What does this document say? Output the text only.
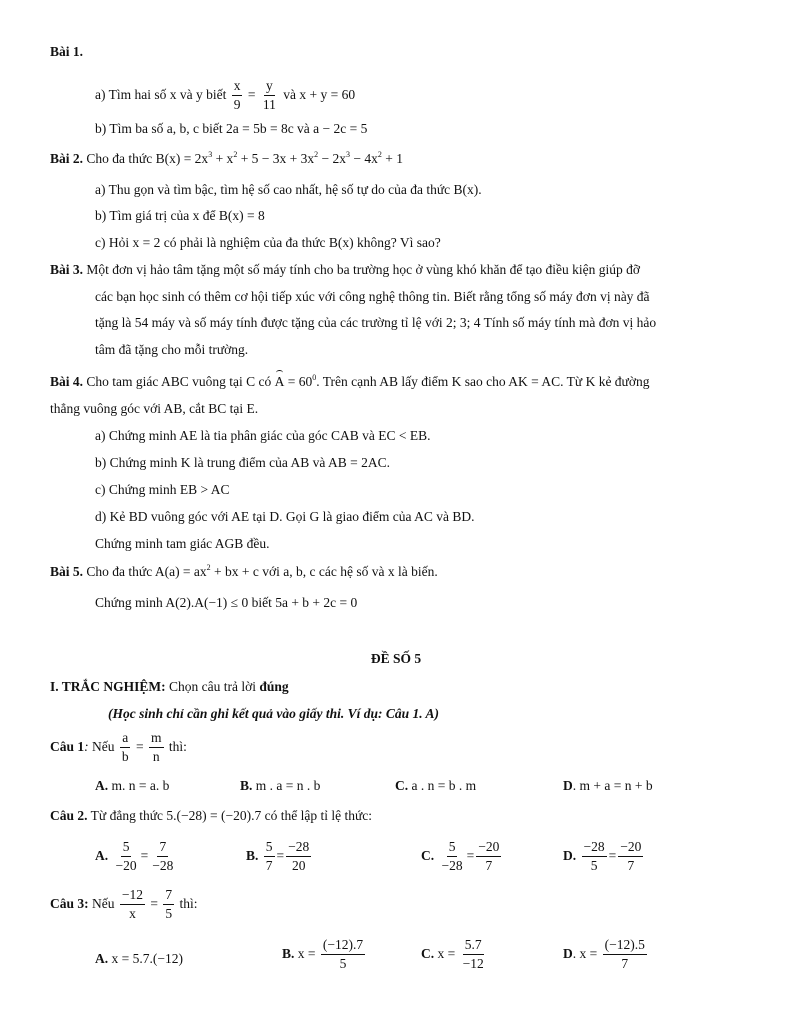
Bài 1.
a) Tìm hai số x và y biết $\frac{x}{9} = \frac{y}{11}$ và x + y = 60
b) Tìm ba số a, b, c biết 2a = 5b = 8c và a − 2c = 5
Bài 2. Cho đa thức $B(x) = 2x^3 + x^2 + 5 - 3x + 3x^2 - 2x^3 - 4x^2 + 1$
a) Thu gọn và tìm bậc, tìm hệ số cao nhất, hệ số tự do của đa thức B(x).
b) Tìm giá trị của x để B(x) = 8
c) Hỏi x = 2 có phải là nghiệm của đa thức B(x) không? Vì sao?
Bài 3. Một đơn vị hảo tâm tặng một số máy tính cho ba trường học ở vùng khó khăn để tạo điều kiện giúp đỡ
các bạn học sinh có thêm cơ hội tiếp xúc với công nghệ thông tin. Biết rằng tổng số máy đơn vị này đã
tặng là 54 máy và số máy tính được tặng của các trường tỉ lệ với 2; 3; 4 Tính số máy tính mà đơn vị hảo
tâm đã tặng cho mỗi trường.
Bài 4. Cho tam giác ABC vuông tại C có $A = 60^0$. Trên cạnh AB lấy điểm K sao cho AK = AC. Từ K kẻ đường
thẳng vuông góc với AB, cắt BC tại E.
a) Chứng minh AE là tia phân giác của góc CAB và EC < EB.
b) Chứng minh K là trung điểm của AB và AB = 2AC.
c) Chứng minh EB > AC
d) Kẻ BD vuông góc với AE tại D. Gọi G là giao điểm của AC và BD.
Chứng minh tam giác AGB đều.
Bài 5. Cho đa thức $A(a) = ax^2$ + bx + c với a, b, c các hệ số và x là biến.
Chứng minh A(2).A(−1) ≤ 0 biết 5a + b + 2c = 0
ĐỀ SỐ 5
I. TRẮC NGHIỆM: Chọn câu trả lời đúng
(Học sinh chỉ cần ghi kết quả vào giấy thi. Ví dụ: Câu 1. A)
Câu 1: Nếu $\frac{a}{b} = \frac{m}{n}$ thì:
A. m. n = a. b	B. m . a = n . b	C. a . n = b . m	D. m + a = n + b
Câu 2. Từ đẳng thức 5.(−28) = (−20).7 có thể lập tỉ lệ thức:
A. $\frac{5}{-20} = \frac{7}{-28}$	B. $\frac{5}{7} = \frac{-28}{20}$	C. $\frac{5}{-28} = \frac{-20}{7}$	D. $\frac{-28}{5} = \frac{-20}{7}$
Câu 3: Nếu $\frac{-12}{x} = \frac{7}{5}$ thì:
A. x = 5.7.(−12)	B. $x = \frac{(-12).7}{5}$	C. $x = \frac{5.7}{-12}$	D. $x = \frac{(-12).5}{7}$
